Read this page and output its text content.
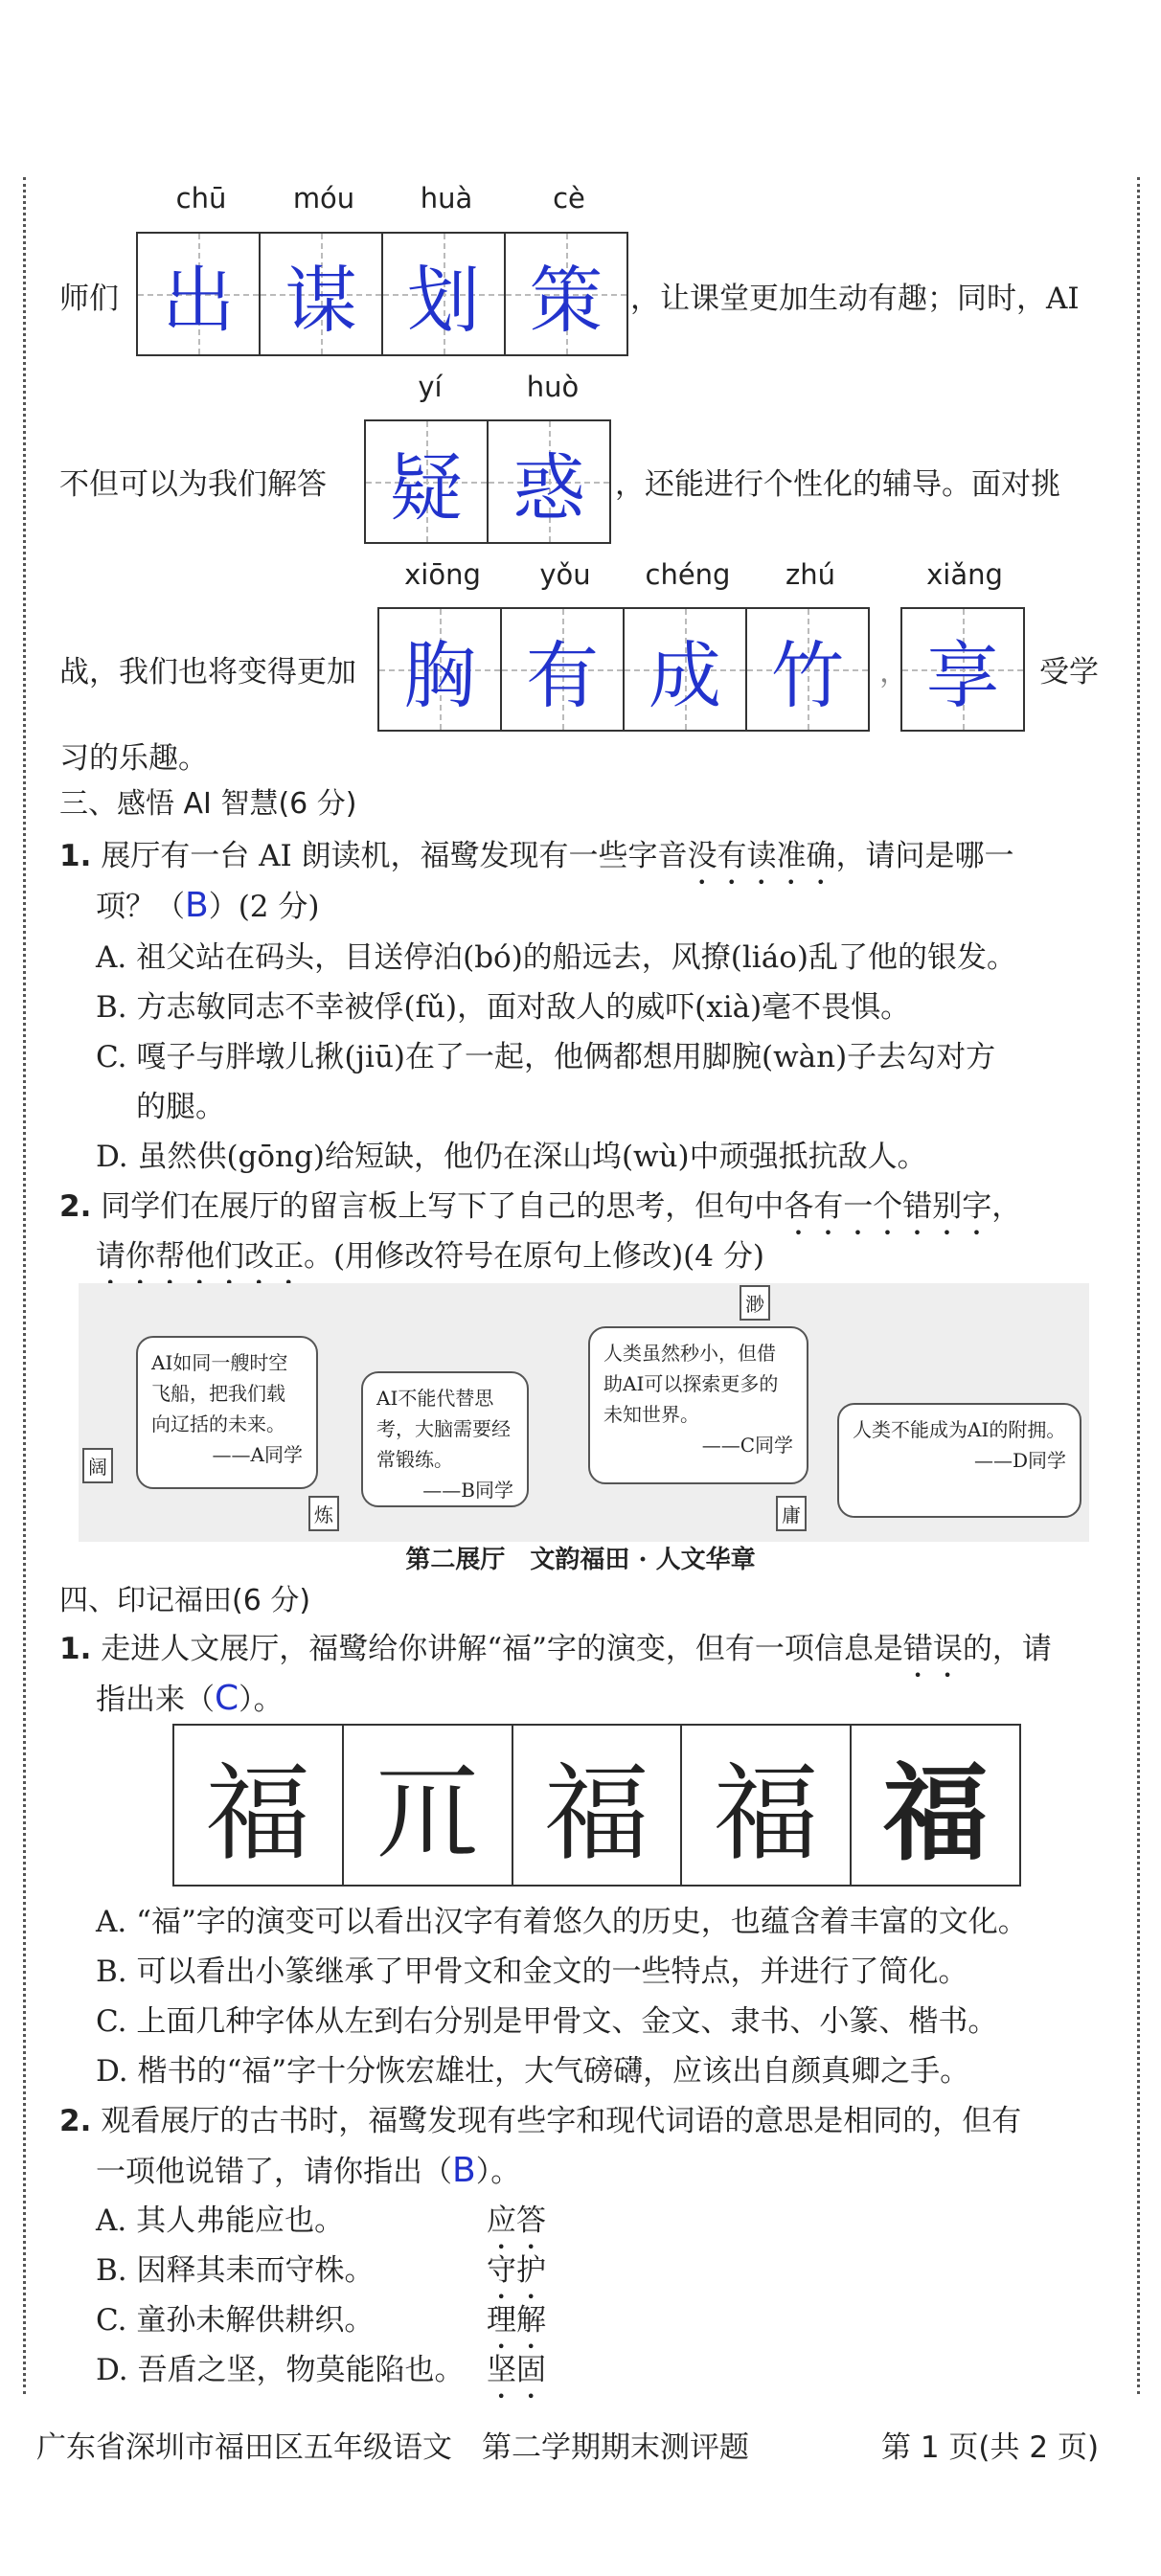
chū	móu	huà	cè
师们 出 谋 划 策 ，让课堂更加生动有趣；同时，AI
yí	huò
不但可以为我们解答 疑 惑 ，还能进行个性化的辅导。面对挑
xiōng	yǒu	chéng	zhú	xiǎng
战，我们也将变得更加 胸 有 成 竹 ， 享 受学
习的乐趣。
三、感悟 AI 智慧(6 分)
1. 展厅有一台 AI 朗读机，福鹭发现有一些字音没有读准确，请问是哪一
项？（B）(2 分)
A. 祖父站在码头，目送停泊(bó)的船远去，风撩(liáo)乱了他的银发。
B. 方志敏同志不幸被俘(fǔ)，面对敌人的威吓(xià)毫不畏惧。
C. 嘎子与胖墩儿揪(jiū)在了一起，他俩都想用脚腕(wàn)子去勾对方
的腿。
D. 虽然供(gōng)给短缺，他仍在深山坞(wù)中顽强抵抗敌人。
2. 同学们在展厅的留言板上写下了自己的思考，但句中各有一个错别字，
请你帮他们改正。(用修改符号在原句上修改)(4 分)
AI如同一艘时空飞船，把我们载向辽括的未来。
——A同学
阔
AI不能代替思考，大脑需要经常锻练。
——B同学
炼
人类虽然秒小，但借助AI可以探索更多的未知世界。
——C同学
渺
人类不能成为AI的附拥。
——D同学
庸
第二展厅　文韵福田 · 人文华章
四、印记福田(6 分)
1. 走进人文展厅，福鹭给你讲解“福”字的演变，但有一项信息是错误的，请
指出来（C）。
福 𥘅 福 福 福
A. “福”字的演变可以看出汉字有着悠久的历史，也蕴含着丰富的文化。
B. 可以看出小篆继承了甲骨文和金文的一些特点，并进行了简化。
C. 上面几种字体从左到右分别是甲骨文、金文、隶书、小篆、楷书。
D. 楷书的“福”字十分恢宏雄壮，大气磅礴，应该出自颜真卿之手。
2. 观看展厅的古书时，福鹭发现有些字和现代词语的意思是相同的，但有
一项他说错了，请你指出（B）。
A. 其人弗能应也。	应答
B. 因释其耒而守株。	守护
C. 童孙未解供耕织。	理解
D. 吾盾之坚，物莫能陷也。 坚固
广东省深圳市福田区五年级语文　第二学期期末测评题	第 1 页(共 2 页)
